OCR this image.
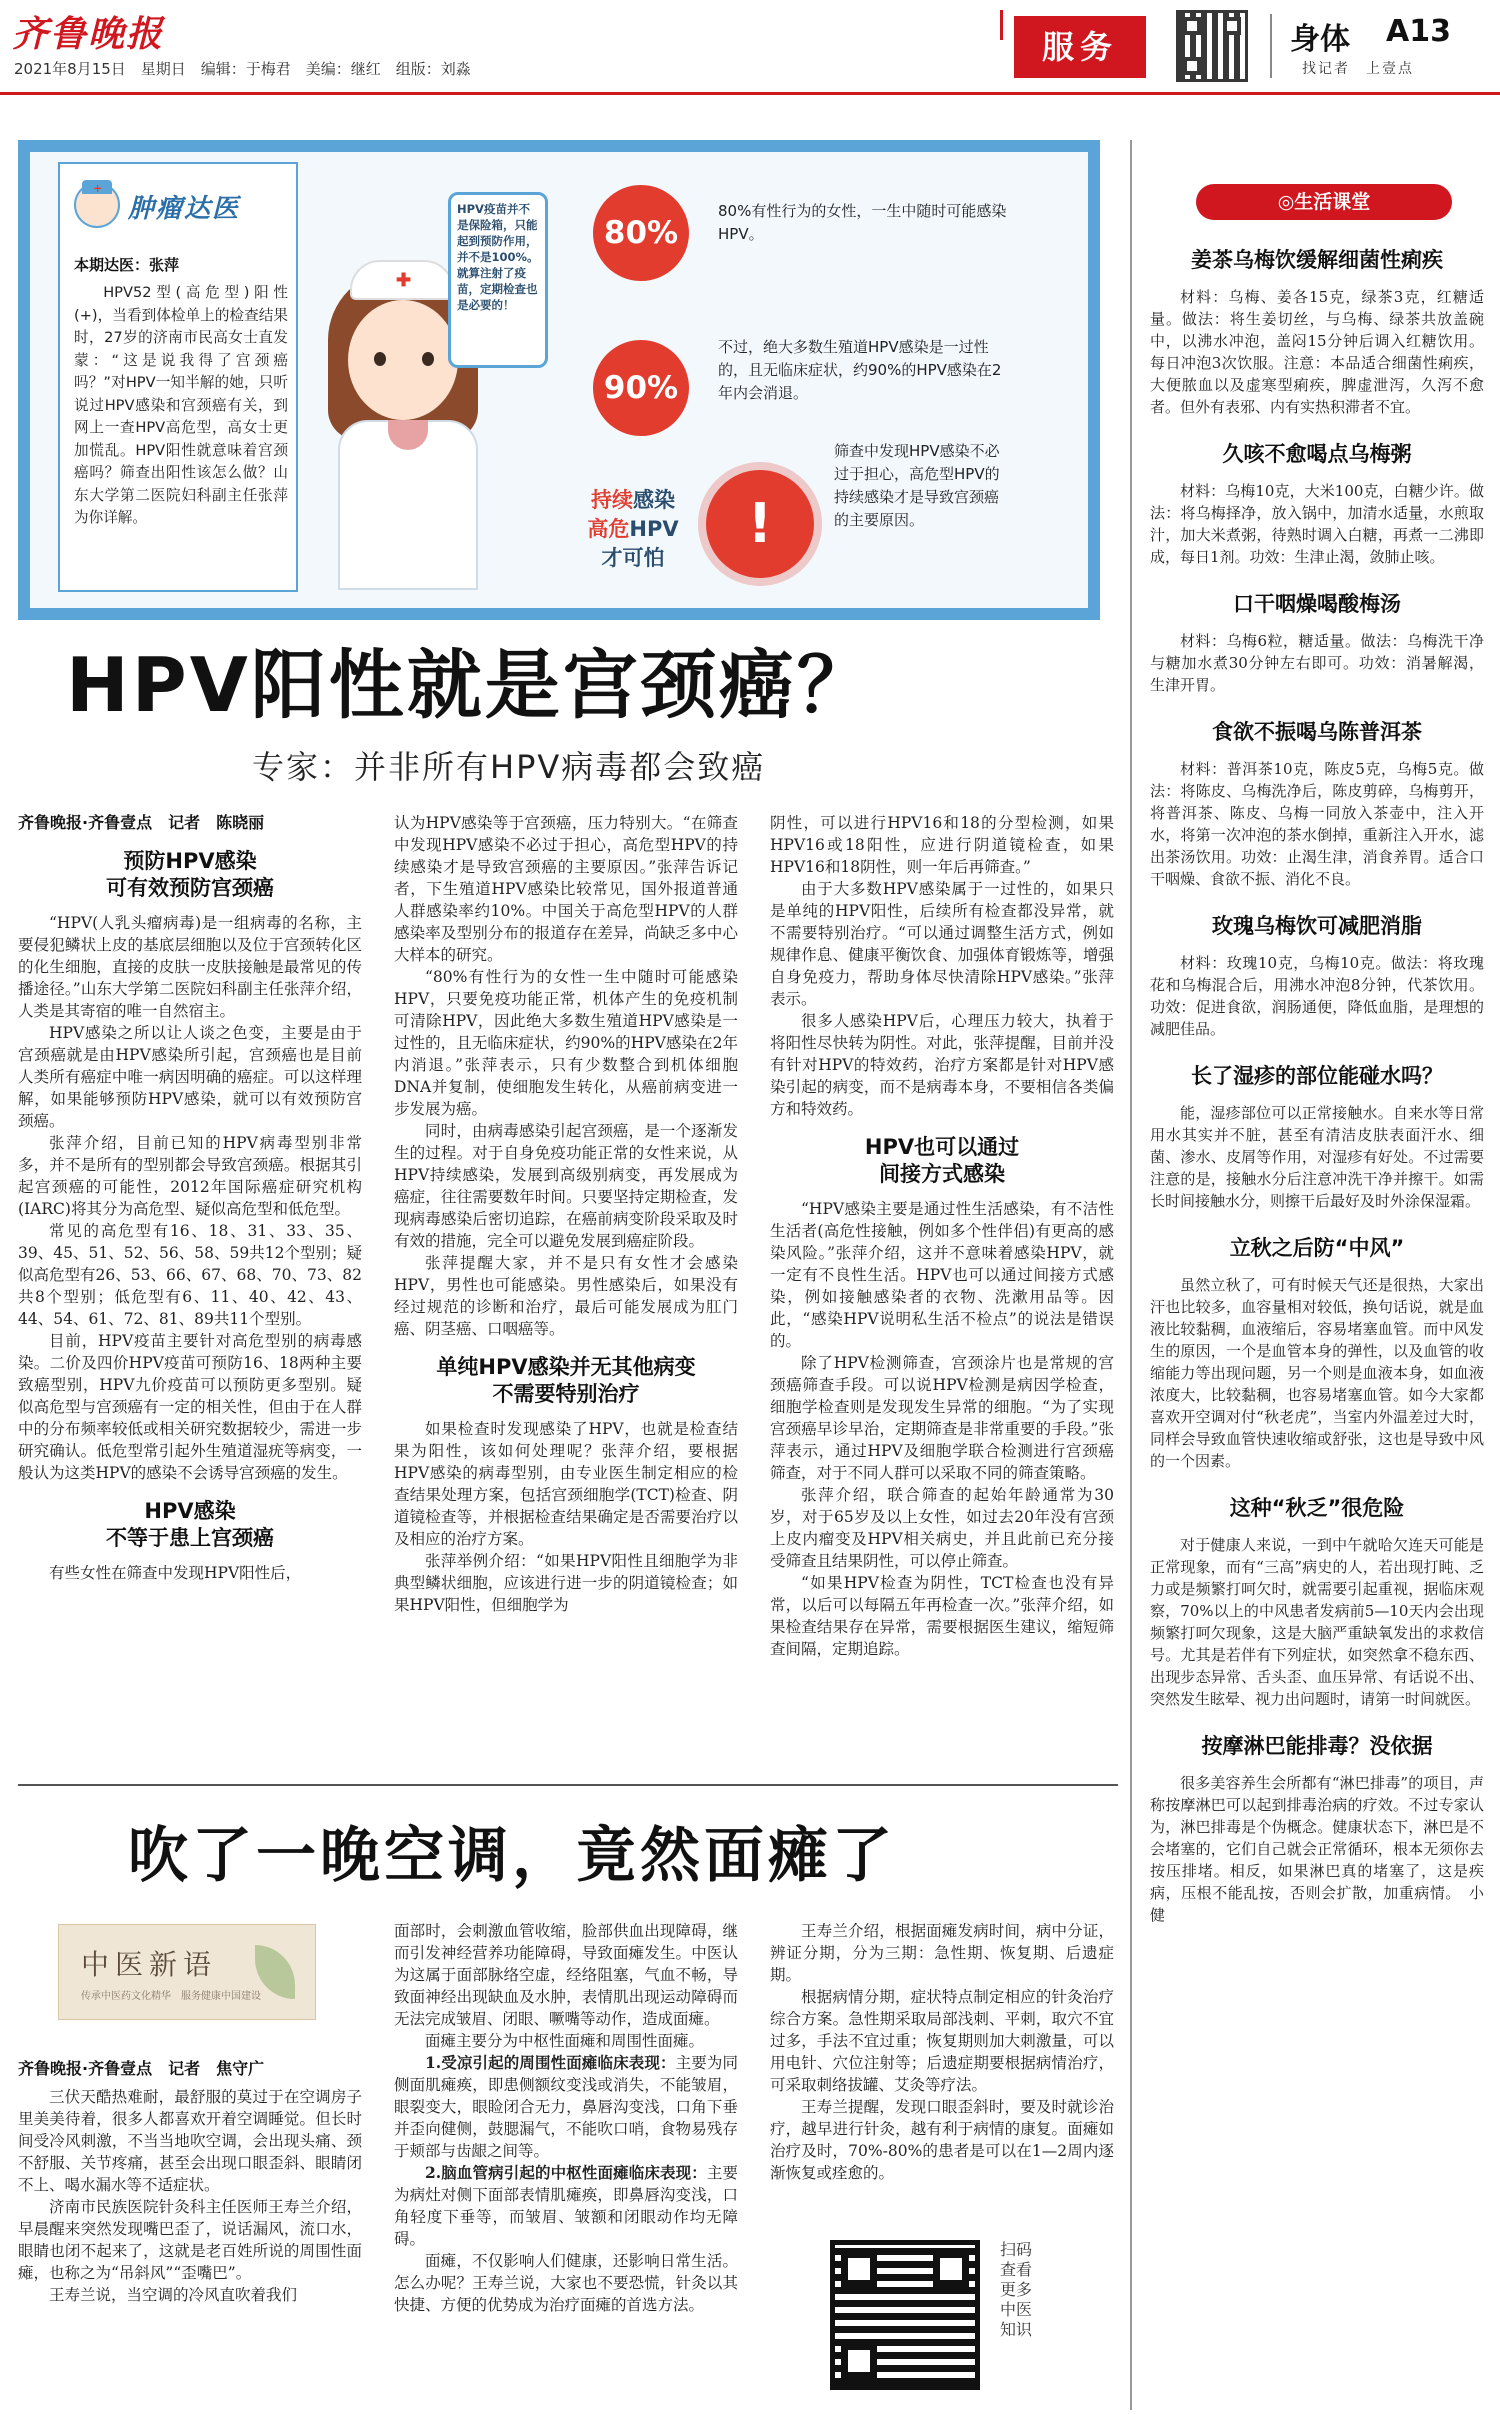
齐鲁晚报
2021年8月15日　星期日　编辑：于梅君　美编：继红　组版：刘淼
服务	身体 A13
找记者　上壹点
+
肿瘤达医
本期达医：张萍
HPV52型(高危型)阳性(+)，当看到体检单上的检查结果时，27岁的济南市民高女士直发蒙：“这是说我得了宫颈癌吗？”对HPV一知半解的她，只听说过HPV感染和宫颈癌有关，到网上一查HPV高危型，高女士更加慌乱。HPV阳性就意味着宫颈癌吗？筛查出阳性该怎么做？山东大学第二医院妇科副主任张萍为你详解。
✚
HPV疫苗并不是保险箱，只能起到预防作用，并不是100%。就算注射了疫苗，定期检查也是必要的！
80%
80%有性行为的女性，一生中随时可能感染HPV。
90%
不过，绝大多数生殖道HPV感染是一过性的，且无临床症状，约90%的HPV感染在2年内会消退。
持续感染
高危HPV
才可怕
!
筛查中发现HPV感染不必过于担心，高危型HPV的持续感染才是导致宫颈癌的主要原因。
HPV阳性就是宫颈癌？
专家：并非所有HPV病毒都会致癌

齐鲁晚报·齐鲁壹点　记者　陈晓丽

预防HPV感染
可有效预防宫颈癌

“HPV(人乳头瘤病毒)是一组病毒的名称，主要侵犯鳞状上皮的基底层细胞以及位于宫颈转化区的化生细胞，直接的皮肤一皮肤接触是最常见的传播途径。”山东大学第二医院妇科副主任张萍介绍，人类是其寄宿的唯一自然宿主。

HPV感染之所以让人谈之色变，主要是由于宫颈癌就是由HPV感染所引起，宫颈癌也是目前人类所有癌症中唯一病因明确的癌症。可以这样理解，如果能够预防HPV感染，就可以有效预防宫颈癌。

张萍介绍，目前已知的HPV病毒型别非常多，并不是所有的型别都会导致宫颈癌。根据其引起宫颈癌的可能性，2012年国际癌症研究机构(IARC)将其分为高危型、疑似高危型和低危型。

常见的高危型有16、18、31、33、35、39、45、51、52、56、58、59共12个型别；疑似高危型有26、53、66、67、68、70、73、82共8个型别；低危型有6、11、40、42、43、44、54、61、72、81、89共11个型别。

目前，HPV疫苗主要针对高危型别的病毒感染。二价及四价HPV疫苗可预防16、18两种主要致癌型别，HPV九价疫苗可以预防更多型别。疑似高危型与宫颈癌有一定的相关性，但由于在人群中的分布频率较低或相关研究数据较少，需进一步研究确认。低危型常引起外生殖道湿疣等病变，一般认为这类HPV的感染不会诱导宫颈癌的发生。

HPV感染
不等于患上宫颈癌

有些女性在筛查中发现HPV阳性后，

认为HPV感染等于宫颈癌，压力特别大。“在筛查中发现HPV感染不必过于担心，高危型HPV的持续感染才是导致宫颈癌的主要原因。”张萍告诉记者，下生殖道HPV感染比较常见，国外报道普通人群感染率约10%。中国关于高危型HPV的人群感染率及型别分布的报道存在差异，尚缺乏多中心大样本的研究。

“80%有性行为的女性一生中随时可能感染HPV，只要免疫功能正常，机体产生的免疫机制可清除HPV，因此绝大多数生殖道HPV感染是一过性的，且无临床症状，约90%的HPV感染在2年内消退。”张萍表示，只有少数整合到机体细胞DNA并复制，使细胞发生转化，从癌前病变进一步发展为癌。

同时，由病毒感染引起宫颈癌，是一个逐渐发生的过程。对于自身免疫功能正常的女性来说，从HPV持续感染，发展到高级别病变，再发展成为癌症，往往需要数年时间。只要坚持定期检查，发现病毒感染后密切追踪，在癌前病变阶段采取及时有效的措施，完全可以避免发展到癌症阶段。

张萍提醒大家，并不是只有女性才会感染HPV，男性也可能感染。男性感染后，如果没有经过规范的诊断和治疗，最后可能发展成为肛门癌、阴茎癌、口咽癌等。

单纯HPV感染并无其他病变
不需要特别治疗

如果检查时发现感染了HPV，也就是检查结果为阳性，该如何处理呢？张萍介绍，要根据HPV感染的病毒型别，由专业医生制定相应的检查结果处理方案，包括宫颈细胞学(TCT)检查、阴道镜检查等，并根据检查结果确定是否需要治疗以及相应的治疗方案。

张萍举例介绍：“如果HPV阳性且细胞学为非典型鳞状细胞，应该进行进一步的阴道镜检查；如果HPV阳性，但细胞学为

阴性，可以进行HPV16和18的分型检测，如果HPV16或18阳性，应进行阴道镜检查，如果HPV16和18阴性，则一年后再筛查。”

由于大多数HPV感染属于一过性的，如果只是单纯的HPV阳性，后续所有检查都没异常，就不需要特别治疗。“可以通过调整生活方式，例如规律作息、健康平衡饮食、加强体育锻炼等，增强自身免疫力，帮助身体尽快清除HPV感染。”张萍表示。

很多人感染HPV后，心理压力较大，执着于将阳性尽快转为阴性。对此，张萍提醒，目前并没有针对HPV的特效药，治疗方案都是针对HPV感染引起的病变，而不是病毒本身，不要相信各类偏方和特效药。

HPV也可以通过
间接方式感染

“HPV感染主要是通过性生活感染，有不洁性生活者(高危性接触，例如多个性伴侣)有更高的感染风险。”张萍介绍，这并不意味着感染HPV，就一定有不良性生活。HPV也可以通过间接方式感染，例如接触感染者的衣物、洗漱用品等。因此，“感染HPV说明私生活不检点”的说法是错误的。

除了HPV检测筛查，宫颈涂片也是常规的宫颈癌筛查手段。可以说HPV检测是病因学检查，细胞学检查则是发现发生异常的细胞。“为了实现宫颈癌早诊早治，定期筛查是非常重要的手段。”张萍表示，通过HPV及细胞学联合检测进行宫颈癌筛查，对于不同人群可以采取不同的筛查策略。

张萍介绍，联合筛查的起始年龄通常为30岁，对于65岁及以上女性，如过去20年没有宫颈上皮内瘤变及HPV相关病史，并且此前已充分接受筛查且结果阴性，可以停止筛查。

“如果HPV检查为阴性，TCT检查也没有异常，以后可以每隔五年再检查一次。”张萍介绍，如果检查结果存在异常，需要根据医生建议，缩短筛查间隔，定期追踪。

吹了一晚空调，竟然面瘫了
中医新语
传承中医药文化精华　服务健康中国建设

齐鲁晚报·齐鲁壹点　记者　焦守广

三伏天酷热难耐，最舒服的莫过于在空调房子里美美待着，很多人都喜欢开着空调睡觉。但长时间受冷风刺激，不当当地吹空调，会出现头痛、颈不舒服、关节疼痛，甚至会出现口眼歪斜、眼睛闭不上、喝水漏水等不适症状。

济南市民族医院针灸科主任医师王寿兰介绍，早晨醒来突然发现嘴巴歪了，说话漏风，流口水，眼睛也闭不起来了，这就是老百姓所说的周围性面瘫，也称之为“吊斜风”“歪嘴巴”。

王寿兰说，当空调的冷风直吹着我们

面部时，会刺激血管收缩，脸部供血出现障碍，继而引发神经营养功能障碍，导致面瘫发生。中医认为这属于面部脉络空虚，经络阻塞，气血不畅，导致面神经出现缺血及水肿，表情肌出现运动障碍而无法完成皱眉、闭眼、噘嘴等动作，造成面瘫。

面瘫主要分为中枢性面瘫和周围性面瘫。

1.受凉引起的周围性面瘫临床表现：主要为同侧面肌瘫痪，即患侧额纹变浅或消失，不能皱眉，眼裂变大，眼睑闭合无力，鼻唇沟变浅，口角下垂并歪向健侧，鼓腮漏气，不能吹口哨，食物易残存于颊部与齿龈之间等。

2.脑血管病引起的中枢性面瘫临床表现：主要为病灶对侧下面部表情肌瘫痪，即鼻唇沟变浅，口角轻度下垂等，而皱眉、皱额和闭眼动作均无障碍。

面瘫，不仅影响人们健康，还影响日常生活。怎么办呢？王寿兰说，大家也不要恐慌，针灸以其快捷、方便的优势成为治疗面瘫的首选方法。

王寿兰介绍，根据面瘫发病时间，病中分证，辨证分期，分为三期：急性期、恢复期、后遗症期。

根据病情分期，症状特点制定相应的针灸治疗综合方案。急性期采取局部浅刺、平刺，取穴不宜过多，手法不宜过重；恢复期则加大刺激量，可以用电针、穴位注射等；后遗症期要根据病情治疗，可采取刺络拔罐、艾灸等疗法。

王寿兰提醒，发现口眼歪斜时，要及时就诊治疗，越早进行针灸，越有利于病情的康复。面瘫如治疗及时，70%-80%的患者是可以在1—2周内逐渐恢复或痊愈的。

扫码查看更多中医知识
◎生活课堂
姜茶乌梅饮缓解细菌性痢疾

材料：乌梅、姜各15克，绿茶3克，红糖适量。做法：将生姜切丝，与乌梅、绿茶共放盖碗中，以沸水冲泡，盖闷15分钟后调入红糖饮用。每日冲泡3次饮服。注意：本品适合细菌性痢疾，大便脓血以及虚寒型痢疾，脾虚泄泻，久泻不愈者。但外有表邪、内有实热积滞者不宜。

久咳不愈喝点乌梅粥

材料：乌梅10克，大米100克，白糖少许。做法：将乌梅择净，放入锅中，加清水适量，水煎取汁，加大米煮粥，待熟时调入白糖，再煮一二沸即成，每日1剂。功效：生津止渴，敛肺止咳。

口干咽燥喝酸梅汤

材料：乌梅6粒，糖适量。做法：乌梅洗干净与糖加水煮30分钟左右即可。功效：消暑解渴，生津开胃。

食欲不振喝乌陈普洱茶

材料：普洱茶10克，陈皮5克，乌梅5克。做法：将陈皮、乌梅洗净后，陈皮剪碎，乌梅剪开，将普洱茶、陈皮、乌梅一同放入茶壶中，注入开水，将第一次冲泡的茶水倒掉，重新注入开水，滤出茶汤饮用。功效：止渴生津，消食养胃。适合口干咽燥、食欲不振、消化不良。

玫瑰乌梅饮可减肥消脂

材料：玫瑰10克，乌梅10克。做法：将玫瑰花和乌梅混合后，用沸水冲泡8分钟，代茶饮用。功效：促进食欲，润肠通便，降低血脂，是理想的减肥佳品。

长了湿疹的部位能碰水吗？

能，湿疹部位可以正常接触水。自来水等日常用水其实并不脏，甚至有清洁皮肤表面汗水、细菌、渗水、皮屑等作用，对湿疹有好处。不过需要注意的是，接触水分后注意冲洗干净并擦干。如需长时间接触水分，则擦干后最好及时外涂保湿霜。

立秋之后防“中风”

虽然立秋了，可有时候天气还是很热，大家出汗也比较多，血容量相对较低，换句话说，就是血液比较黏稠，血液缩后，容易堵塞血管。而中风发生的原因，一个是血管本身的弹性，以及血管的收缩能力等出现问题，另一个则是血液本身，如血液浓度大，比较黏稠，也容易堵塞血管。如今大家都喜欢开空调对付“秋老虎”，当室内外温差过大时，同样会导致血管快速收缩或舒张，这也是导致中风的一个因素。

这种“秋乏”很危险

对于健康人来说，一到中午就哈欠连天可能是正常现象，而有“三高”病史的人，若出现打盹、乏力或是频繁打呵欠时，就需要引起重视，据临床观察，70%以上的中风患者发病前5—10天内会出现频繁打呵欠现象，这是大脑严重缺氧发出的求救信号。尤其是若伴有下列症状，如突然拿不稳东西、出现步态异常、舌头歪、血压异常、有话说不出、突然发生眩晕、视力出问题时，请第一时间就医。

按摩淋巴能排毒？没依据

很多美容养生会所都有“淋巴排毒”的项目，声称按摩淋巴可以起到排毒治病的疗效。不过专家认为，淋巴排毒是个伪概念。健康状态下，淋巴是不会堵塞的，它们自己就会正常循环，根本无须你去按压排堵。相反，如果淋巴真的堵塞了，这是疾病，压根不能乱按，否则会扩散，加重病情。　小健
